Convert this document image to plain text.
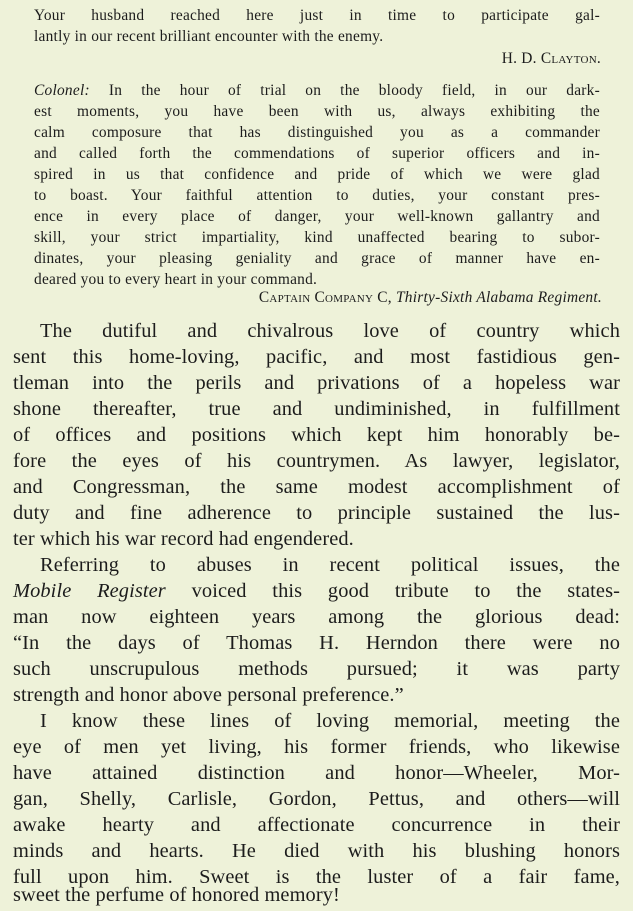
Your husband reached here just in time to participate gal-
lantly in our recent brilliant encounter with the enemy.
H. D. Clayton.
Colonel: In the hour of trial on the bloody field, in our dark-
est moments, you have been with us, always exhibiting the
calm composure that has distinguished you as a commander
and called forth the commendations of superior officers and in-
spired in us that confidence and pride of which we were glad
to boast. Your faithful attention to duties, your constant pres-
ence in every place of danger, your well-known gallantry and
skill, your strict impartiality, kind unaffected bearing to subor-
dinates, your pleasing geniality and grace of manner have en-
deared you to every heart in your command.
Captain Company C, Thirty-Sixth Alabama Regiment.
The dutiful and chivalrous love of country which
sent this home-loving, pacific, and most fastidious gen-
tleman into the perils and privations of a hopeless war
shone thereafter, true and undiminished, in fulfillment
of offices and positions which kept him honorably be-
fore the eyes of his countrymen. As lawyer, legislator,
and Congressman, the same modest accomplishment of
duty and fine adherence to principle sustained the lus-
ter which his war record had engendered.
Referring to abuses in recent political issues, the
Mobile Register voiced this good tribute to the states-
man now eighteen years among the glorious dead:
“In the days of Thomas H. Herndon there were no
such unscrupulous methods pursued; it was party
strength and honor above personal preference.”
I know these lines of loving memorial, meeting the
eye of men yet living, his former friends, who likewise
have attained distinction and honor—Wheeler, Mor-
gan, Shelly, Carlisle, Gordon, Pettus, and others—will
awake hearty and affectionate concurrence in their
minds and hearts. He died with his blushing honors
full upon him. Sweet is the luster of a fair fame,
sweet the perfume of honored memory!
